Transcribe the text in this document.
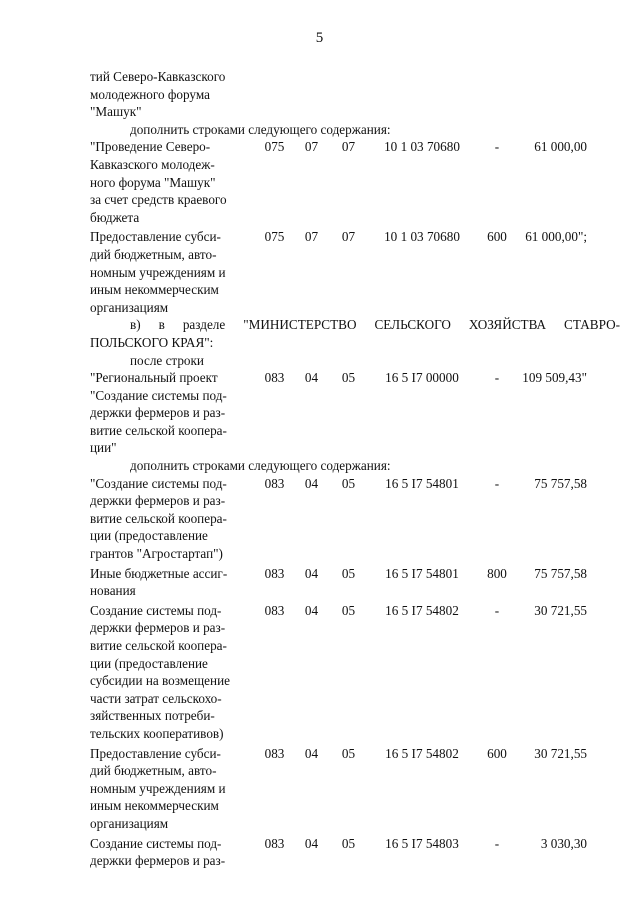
5
тий Северо-Кавказского
молодежного форума
"Машук"
дополнить строками следующего содержания:
"Проведение Северо-
Кавказского молодеж-
ного форума "Машук"
за счет средств краевого
бюджета
075	07	07	10 1 03 70680	-	61 000,00
Предоставление субси-
дий бюджетным, авто-
номным учреждениям и
иным некоммерческим
организациям
075	07	07	10 1 03 70680	600	61 000,00";
в) в разделе "МИНИСТЕРСТВО СЕЛЬСКОГО ХОЗЯЙСТВА СТАВРО-
ПОЛЬСКОГО КРАЯ":
после строки
"Региональный проект
"Создание системы под-
держки фермеров и раз-
витие сельской коопера-
ции"
083	04	05	16 5 I7 00000	-	109 509,43"
дополнить строками следующего содержания:
"Создание системы под-
держки фермеров и раз-
витие сельской коопера-
ции (предоставление
грантов "Агростартап")
083	04	05	16 5 I7 54801	-	75 757,58
Иные бюджетные ассиг-
нования
083	04	05	16 5 I7 54801	800	75 757,58
Создание системы под-
держки фермеров и раз-
витие сельской коопера-
ции (предоставление
субсидии на возмещение
части затрат сельскохо-
зяйственных потреби-
тельских кооперативов)
083	04	05	16 5 I7 54802	-	30 721,55
Предоставление субси-
дий бюджетным, авто-
номным учреждениям и
иным некоммерческим
организациям
083	04	05	16 5 I7 54802	600	30 721,55
Создание системы под-
держки фермеров и раз-
083	04	05	16 5 I7 54803	-	3 030,30
